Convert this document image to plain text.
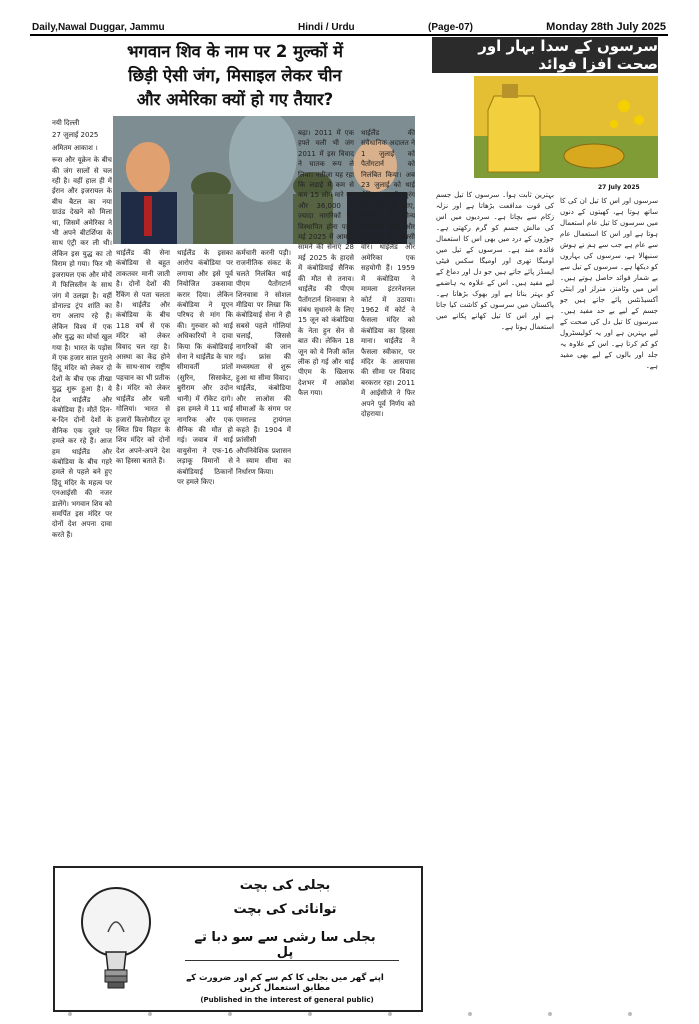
Daily,Nawal Duggar, Jammu	Hindi / Urdu	(Page-07)	Monday 28th July 2025
भगवान शिव के नाम पर 2 मुल्कों में
छिड़ी ऐसी जंग, मिसाइल लेकर चीन
और अमेरिका क्यों हो गए तैयार?

नयी दिल्ली

27 जुलाई 2025

अमितम आकाश ।

रूस और यूक्रेन के बीच की जंग सालों से चल रही है। वहीं हाल ही में ईरान और इजरायल के बीच बैटल का नया ग्राउंड देखने को मिला था, जिसमें अमेरिका ने भी अपने बीटर्शिप्स के साथ एंट्री कर ली थी। लेकिन इस युद्ध का तो विराम हो गया। फिर भी इजरायल एक और मोर्चे में फिलिस्तीन के साथ जंग में उलझा है। वहीं डोनाल्ड ट्रंप शांति का राग अलाप रहे हैं। लेकिन विश्व में एक और युद्ध का मोर्चा खुल गया है। भारत के पड़ोस में एक हजार साल पुराने हिंदू मंदिर को लेकर दो देशों के बीच एक तीखा युद्ध शुरू हुआ है। ये देश थाईलैंड और कंबोडिया हैं। मौतें दिन-ब-दिन दोनों देशों के सैनिक एक दूसरे पर हमले कर रहे हैं। आज हम थाईलैंड और कंबोडिया के बीच गहरे हमले से पहले बने हुए हिंदू मंदिर के महत्व पर एनआईसी की नजर डालेंगे। भगवान शिव को समर्पित इस मंदिर पर दोनों देश अपना दावा करते हैं।

थाईलैंड की सेना कंबोडिया से बहुत ताकतवर मानी जाती है। दोनों देशों की रैंकिंग से पता चलता है। थाईलैंड और कंबोडिया के बीच 118 वर्ष से एक मंदिर को लेकर विवाद चल रहा है। आस्था का केंद्र होने के साथ-साथ राष्ट्रीय पहचान का भी प्रतीक है। मंदिर को लेकर थाईलैंड और चली गोलियां। भारत से हजारों किलोमीटर दूर स्थित प्रिय विहार के शिव मंदिर को दोनों देश अपने-अपने देश का हिस्सा बताते हैं।

थाईलैंड के इसका आरोप कंबोडिया पर लगाया और इसे पूर्व नियोजित उकसावा करार दिया। लेकिन कंबोडिया ने यूएन परिषद से मांग कि की। गुरुवार को थाई अधिकारियों ने दावा किया कि कंबोडियाई सेना ने थाईलैंड के चार सीमावर्ती प्रांतों (सुरिन, सिसाकेट, बुरीराम और उदोन थानी) में रॉकेट दागे। इस हमले में 11 थाई नागरिक और एक सैनिक की मौत हो गई। जवाब में थाई वायुसेना ने एफ-16 लड़ाकू विमानों से कंबोडियाई ठिकानों पर हमले किए।

कर्मचारी करनी पड़ी। राजनीतिक संकट के चलते निलंबित थाई पीएम पैतोंगटार्न शिनवात्रा ने सोशल मीडिया पर लिखा कि कंबोडियाई सेना ने ही सबसे पहले गोलियां चलाईं, जिससे नागरिकों की जान गई। फ्रांस की मध्यस्थता से शुरू हुआ था सीमा विवाद। थाईलैंड, कंबोडिया और लाओस की सीमाओं के संगम पर एमराल्ड ट्रायंगल कहते हैं। 1904 में फ्रांसीसी औपनिवेशिक प्रशासन ने स्याम सीमा का निर्धारण किया।

बढ़ा। 2011 में एक हफ्ते चली भी जंग 2011 में इस विवाद ने घातक रूप ले लिया। नतीजा यह रहा कि लड़ाई में कम से कम 15 लोग मारे गए और 36,000 से ज्यादा नागरिकों को विस्थापित होना पड़ा। मई 2025 में आमने-सामने की सेनाएं 28 मई 2025 के हादसे में कंबोडियाई सैनिक की मौत से तनाव। थाईलैंड की पीएम पैतोंगटार्न शिनवात्रा ने संबंध सुधारने के लिए 15 जून को कंबोडिया के नेता हुन सेन से बात की। लेकिन 18 जून को ये निजी कॉल लीक हो गई और थाई पीएम के खिलाफ देशभर में आक्रोश फैल गया।

थाईलैंड की संवैधानिक अदालत ने 1 जुलाई को पैतोंगटार्न को निलंबित किया। अब 23 जुलाई को थाई सैनिक बारूदी सुरंग की चपेट में आए, जवाब में सैन्य कार्रवाई। चीन और अमेरिका का प्रॉक्सी वॉर। थाईलैंड और अमेरिका एक सहयोगी हैं। 1959 में कंबोडिया ने मामला इंटरनेशनल कोर्ट में उठाया। 1962 में कोर्ट ने फैसला मंदिर को कंबोडिया का हिस्सा माना। थाईलैंड ने फैसला स्वीकार, पर मंदिर के आसपास की सीमा पर विवाद बरकरार रहा। 2011 में आईसीजे ने फिर अपने पूर्व निर्णय को दोहराया।

سرسوں کے سدا بہار اور صحت افزا فوائد
27 July 2025

سرسوں اور اس کا تیل ان کی کا ساتھ ہوتا ہے، کھیتوں کے دنوں میں سرسوں کا تیل عام استعمال ہوتا ہے اور اس کا استعمال عام سے عام ہے جب سے ہم نے ہوش سنبھالا ہے، سرسوں کی بہاروں کو دیکھا ہے۔ سرسوں کے تیل سے بے شمار فوائد حاصل ہوتے ہیں۔ اس میں وٹامنز، منرلز اور اینٹی آکسیڈنٹس پائے جاتے ہیں جو جسم کے لیے بے حد مفید ہیں۔ سرسوں کا تیل دل کی صحت کے لیے بہترین ہے اور یہ کولیسٹرول کو کم کرتا ہے۔ اس کے علاوہ یہ جلد اور بالوں کے لیے بھی مفید ہے۔

بہترین ثابت ہوا۔ سرسوں کا تیل جسم کی قوت مدافعت بڑھاتا ہے اور نزلہ زکام سے بچاتا ہے۔ سردیوں میں اس کی مالش جسم کو گرم رکھتی ہے۔ جوڑوں کے درد میں بھی اس کا استعمال فائدہ مند ہے۔ سرسوں کے تیل میں اومیگا تھری اور اومیگا سکس فیٹی ایسڈز پائے جاتے ہیں جو دل اور دماغ کے لیے مفید ہیں۔ اس کے علاوہ یہ ہاضمے کو بہتر بناتا ہے اور بھوک بڑھاتا ہے۔ پاکستان میں سرسوں کو کاشت کیا جاتا ہے اور اس کا تیل کھانے پکانے میں استعمال ہوتا ہے۔

بجلی کی بچت
توانائی کی بچت
بجلی سا رشی سے سو دبا تے پل
اپنے گھر میں بجلی کا کم سے کم اور ضرورت کے مطابق استعمال کریں
(Published in the interest of general public)
